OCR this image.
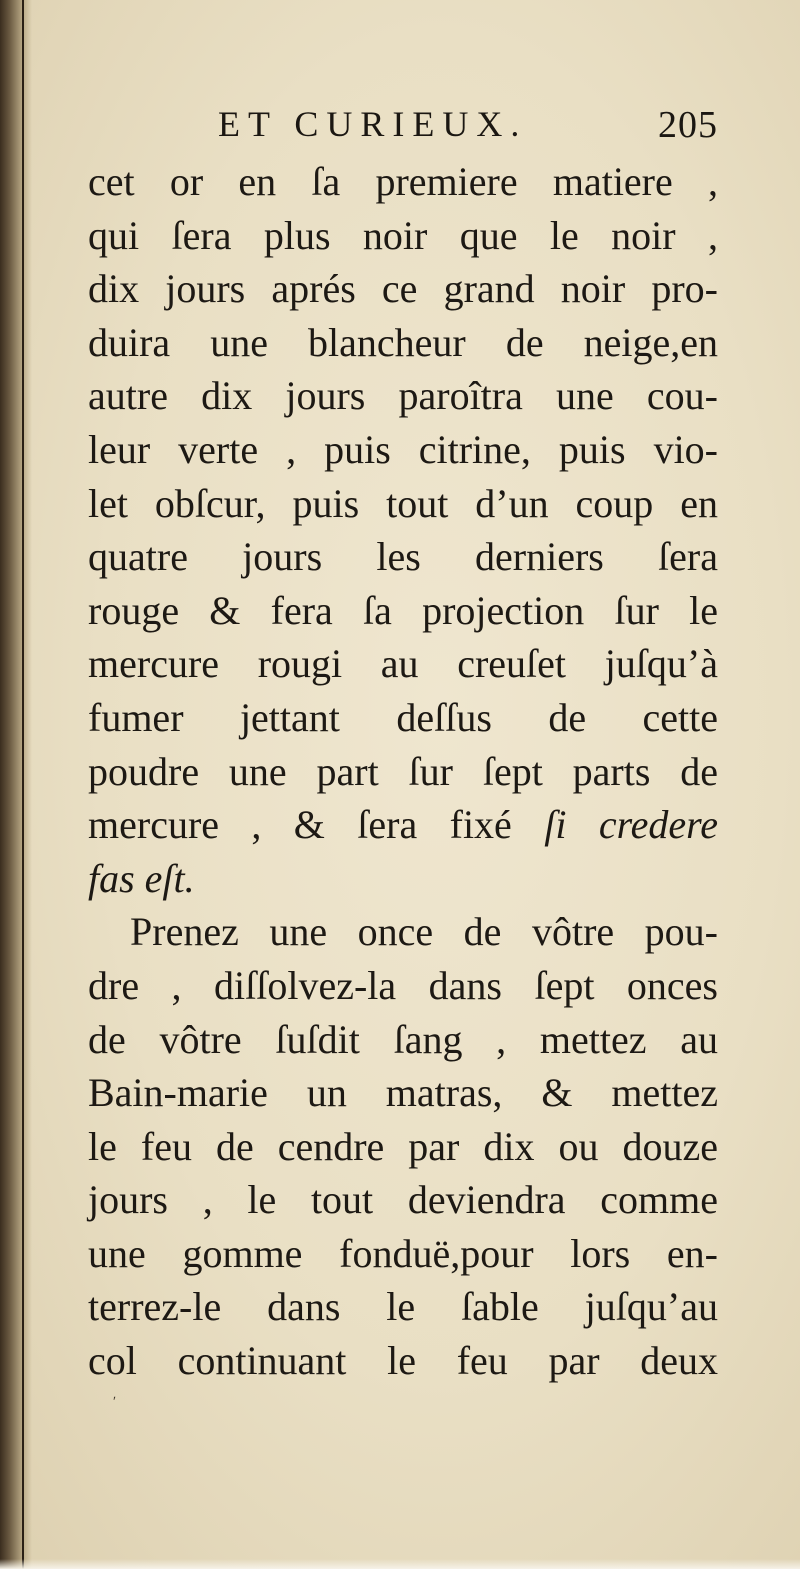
ET CURIEUX.	205
cet or en ſa premiere matiere ,
qui ſera plus noir que le noir ,
dix jours aprés ce grand noir pro-
duira une blancheur de neige,en
autre dix jours paroîtra une cou-
leur verte , puis citrine, puis vio-
let obſcur, puis tout d’un coup en
quatre jours les derniers ſera
rouge & fera ſa projection ſur le
mercure rougi au creuſet juſqu’à
fumer jettant deſſus de cette
poudre une part ſur ſept parts de
mercure , & ſera fixé ſi credere
fas eſt.
Prenez une once de vôtre pou-
dre , diſſolvez-la dans ſept onces
de vôtre ſuſdit ſang , mettez au
Bain-marie un matras, & mettez
le feu de cendre par dix ou douze
jours , le tout deviendra comme
une gomme fonduë,pour lors en-
terrez-le dans le ſable juſqu’au
col continuant le feu par deux
ʹ
